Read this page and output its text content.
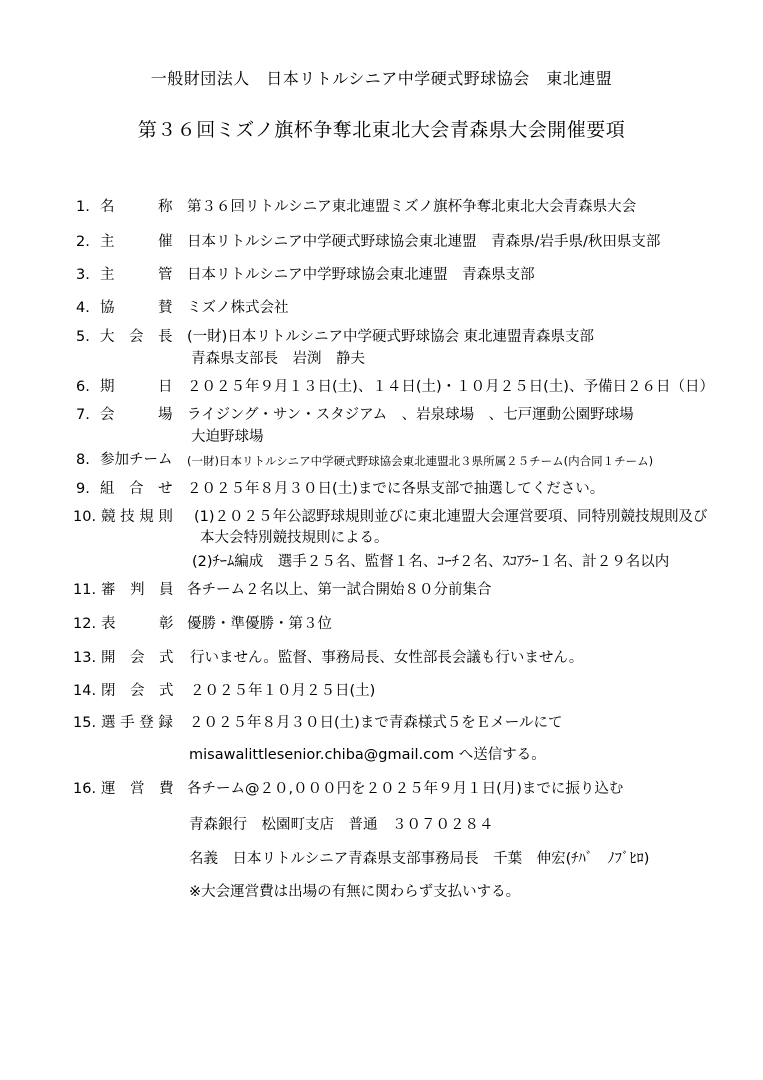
一般財団法人　日本リトルシニア中学硬式野球協会　東北連盟
第３６回ミズノ旗杯争奪北東北大会青森県大会開催要項

1.

名　　　称

第３６回リトルシニア東北連盟ミズノ旗杯争奪北東北大会青森県大会

2.

主　　　催

日本リトルシニア中学硬式野球協会東北連盟　青森県/岩手県/秋田県支部

3.

主　　　管

日本リトルシニア中学野球協会東北連盟　青森県支部

4.

協　　　賛

ミズノ株式会社

5.

大　会　長

(一財)日本リトルシニア中学硬式野球協会 東北連盟青森県支部

青森県支部長　岩渕　静夫

6.

期　　　日

２０２５年９月１３日(土)、１４日(土)・１０月２５日(土)、予備日２６日（日）

7.

会　　　場

ライジング・サン・スタジアム　、岩泉球場　、七戸運動公園野球場

大迫野球場

8.

参加チーム

(一財)日本リトルシニア中学硬式野球協会東北連盟北３県所属２５チーム(内合同１チーム)

9.

組　合　せ

２０２５年８月３０日(土)までに各県支部で抽選してください。

10.

競 技 規 則

(1)２０２５年公認野球規則並びに東北連盟大会運営要項、同特別競技規則及び

本大会特別競技規則による。

(2)ﾁｰﾑ編成　選手２５名、監督１名、ｺｰﾁ２名、ｽｺｱﾗｰ１名、計２９名以内

11.

審　判　員

各チーム２名以上、第一試合開始８０分前集合

12.

表　　　彰

優勝・準優勝・第３位

13.

開　会　式

行いません。監督、事務局長、女性部長会議も行いません。

14.

閉　会　式

２０２５年１０月２５日(土)

15.

選 手 登 録

２０２５年８月３０日(土)まで青森様式５をＥメールにて

misawalittlesenior.chiba@gmail.com へ送信する。

16.

運　営　費

各チーム@２０,０００円を２０２５年９月１日(月)までに振り込む

青森銀行　松園町支店　普通　３０７０２８４

名義　日本リトルシニア青森県支部事務局長　千葉　伸宏(ﾁﾊﾞ　ﾉﾌﾞﾋﾛ)

※大会運営費は出場の有無に関わらず支払いする。
